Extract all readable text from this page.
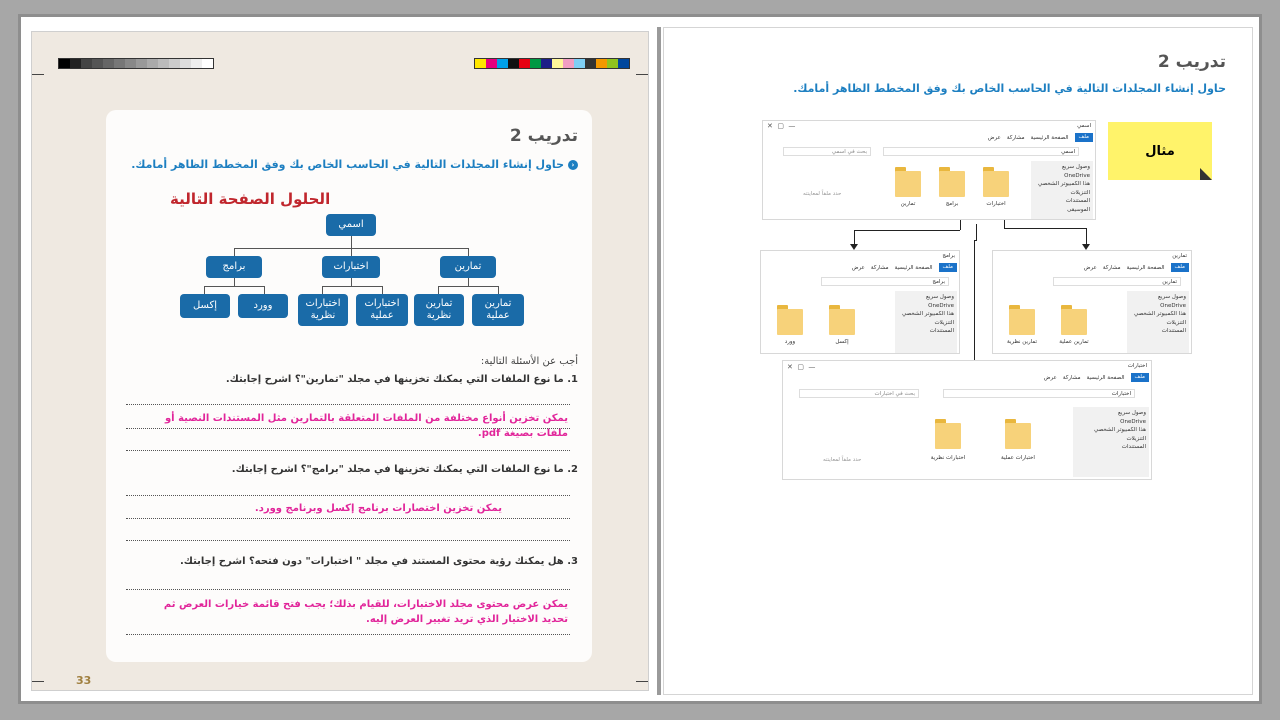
تدريب 2
‹
حاول إنشاء المجلدات التالية في الحاسب الخاص بك وفق المخطط الظاهر أمامك.
الحلول الصفحة التالية
اسمي
تمارين
اختبارات
برامج
تمارين
عملية
تمارين
نظرية
اختبارات
عملية
اختبارات
نظرية
وورد
إكسل
أجب عن الأسئلة التالية:
1. ما نوع الملفات التي يمكنك تخزينها في مجلد "تمارين"؟ اشرح إجابتك.
يمكن تخزين أنواع مختلفة من الملفات المتعلقة بالتمارين مثل المستندات النصية أو ملفات بصيغة pdf.
2. ما نوع الملفات التي يمكنك تخزينها في مجلد "برامج"؟ اشرح إجابتك.
يمكن تخزين اختصارات برنامج إكسل وبرنامج وورد.
3. هل يمكنك رؤية محتوى المستند في مجلد " اختبارات" دون فتحه؟ اشرح إجابتك.
يمكن عرض محتوى مجلد الاختبارات، للقيام بذلك؛ يجب فتح قائمة خيارات العرض ثم تحديد الاختيار الذي تريد تغيير العرض إليه.
33
تدريب 2
حاول إنشاء المجلدات التالية في الحاسب الخاص بك وفق المخطط الظاهر أمامك.
مثال
✕  ▢  —	اسمي
ملف
الصفحة الرئيسية
مشاركة
عرض
اسمي
بحث في اسمي
وصول سريع
OneDrive
هذا الكمبيوتر الشخصي
التنزيلات
المستندات
الموسيقى
اختبارات
برامج
تمارين
حدد ملفاً لمعاينته
برامج
ملف
الصفحة الرئيسية
مشاركة
عرض
برامج
وصول سريع
OneDrive
هذا الكمبيوتر الشخصي
التنزيلات
المستندات
إكسل
وورد
تمارين
ملف
الصفحة الرئيسية
مشاركة
عرض
تمارين
وصول سريع
OneDrive
هذا الكمبيوتر الشخصي
التنزيلات
المستندات
تمارين عملية
تمارين نظرية
✕  ▢  —	اختبارات
ملف
الصفحة الرئيسية
مشاركة
عرض
اختبارات
بحث في اختبارات
وصول سريع
OneDrive
هذا الكمبيوتر الشخصي
التنزيلات
المستندات
اختبارات عملية
اختبارات نظرية
حدد ملفاً لمعاينته
